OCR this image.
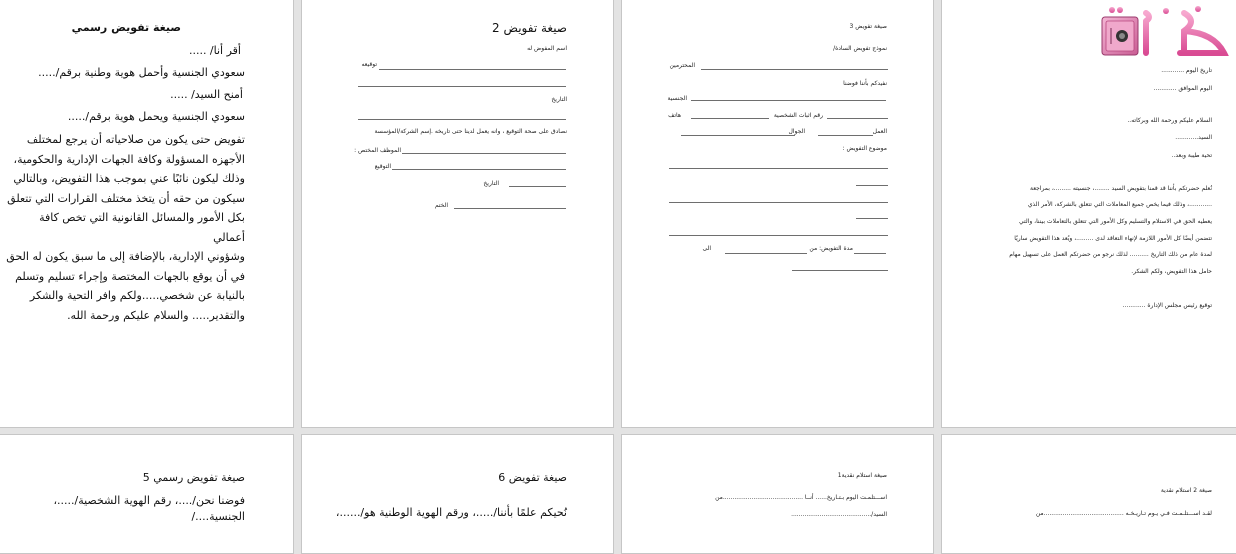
صيغة تفويض رسمي
أقر أنا/ .....
سعودي الجنسية وأحمل هوية وطنية برقم/.....
أمنح السيد/ .....
سعودي الجنسية ويحمل هوية برقم/.....
تفويض حتى يكون من صلاحياته أن يرجع لمختلف
الأجهزه المسؤولة وكافة الجهات الإدارية والحكومية،
وذلك ليكون نائبًا عني بموجب هذا التفويض، وبالتالي
سيكون من حقه أن يتخذ مختلف القرارات التي تتعلق
بكل الأمور والمسائل القانونية التي تخص كافة أعمالي
وشؤوني الإدارية، بالإضافة إلى ما سبق يكون له الحق
في أن يوقع بالجهات المختصة وإجراء تسليم وتسلم
بالنيابة عن شخصي.....ولكم وافر التحية والشكر
والتقدير..... والسلام عليكم ورحمة الله.
صيغة تفويض 2
اسم المفوض له
توقيعه
التاريخ
نصادق على صحة التوقيع ، وانه يعمل لدينا حتى تاريخه .إسم الشركة/المؤسسة
الموظف المختص :
التوقيع
التاريخ
الختم
صيغة تفويض 3
نموذج تفويض السادة/
المحترمين
نفيدكم بأننا فوضنا
الجنسية
رقم اثبات الشخصية
هاتف
العمل
الجوال
موضوع التفويض :
مدة التفويض: من
الى
خزنة
تاريخ اليوم ............
اليوم الموافق ............
السلام عليكم ورحمة الله وبركاته..
السيد............
تحية طيبة وبعد..
نُعلم حضرتكم بأننا قد قمنا بتفويض السيد ........، جنسيته .........، بمراجعة
............، وذلك فيما يخص جميع المعاملات التي تتعلق بالشركة، الأمر الذي
يعطيه الحق في الاستلام والتسليم وكل الأمور التي تتعلق بالتعاملات بيننا، والتي
تتضمن أيضًا كل الأمور اللازمة لإنهاء التعاقد لدى .........، ويُعد هذا التفويض ساريًا
لمدة عام من ذلك التاريخ .......... لذلك نرجو من حضرتكم العمل على تسهيل مهام
حامل هذا التفويض، ولكم الشكر.
توقيع رئيس مجلس الإدارة ............
صيغة تفويض رسمي 5
فوضنا نحن/....، رقم الهوية الشخصية/.....،
الجنسية..../
صيغة تفويض 6
نُحيكم علمًا بأننا/.....، ورقم الهوية الوطنية هو/......،
صيغة استلام نقدية1
اســـتلمـت اليوم بـتـاريخ...... أنــا ..........................................من
السيد/..........................................
صيغة 2 استلام نقدية
لقـد اســـتلـمـت فـي يـوم تـاريـخـه ..........................................من
